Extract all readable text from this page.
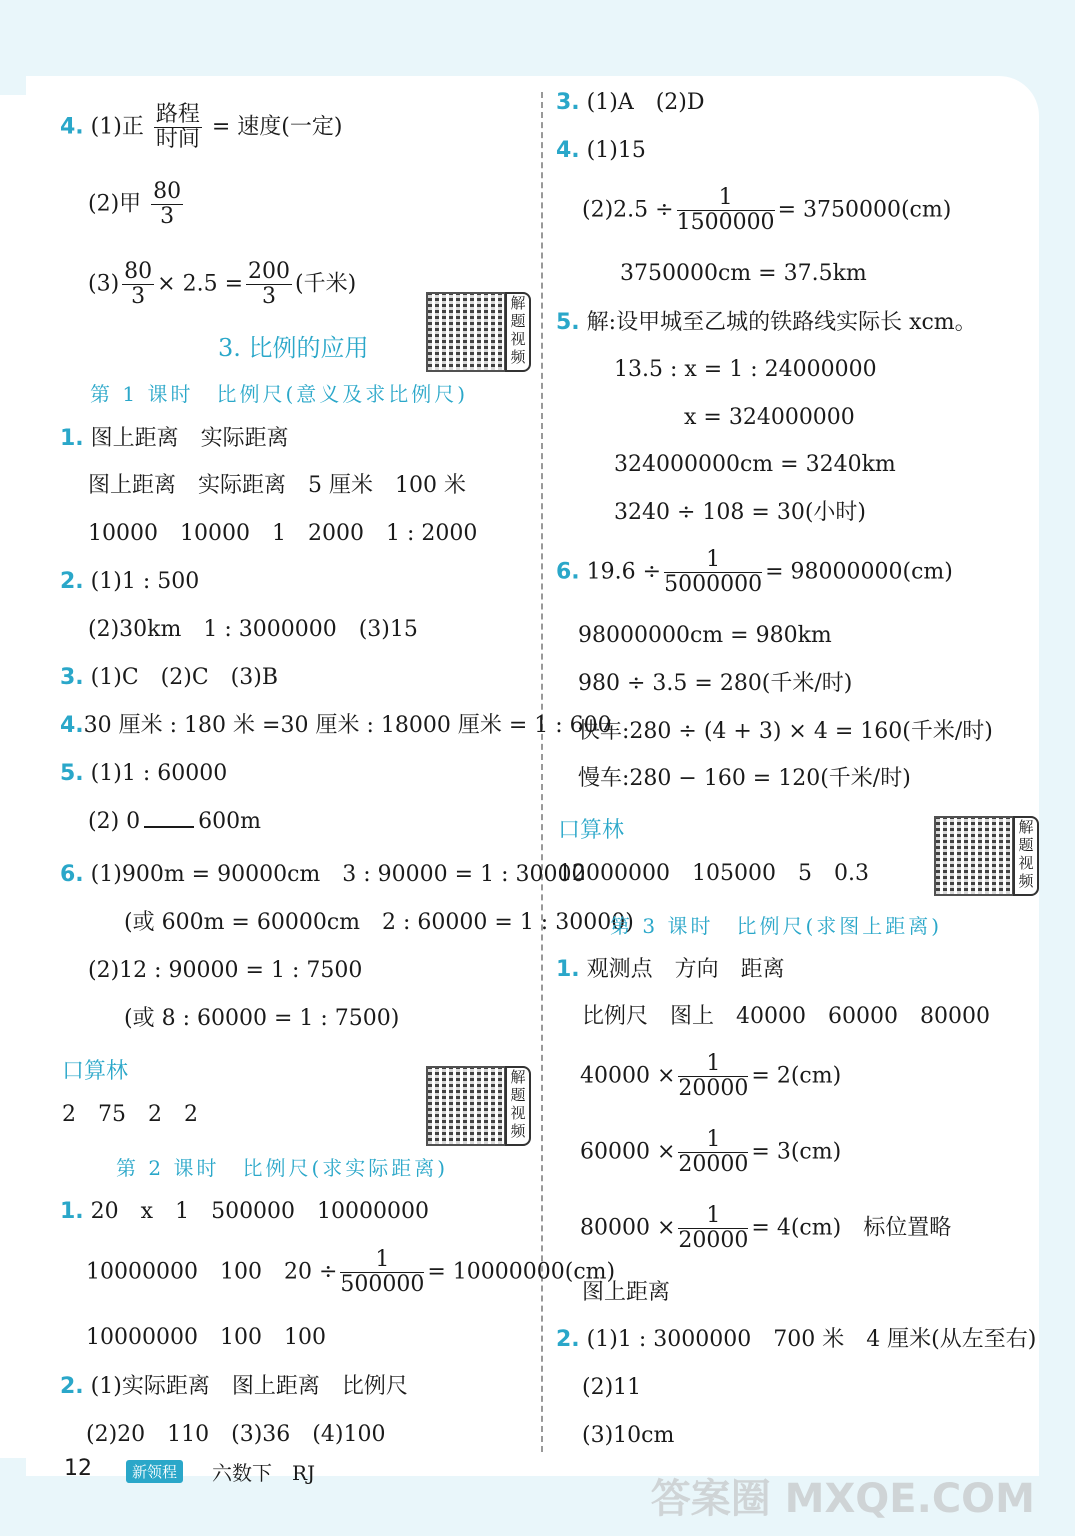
4. (1)正 $\frac{\text{路程}}{\text{时间}}$ = 速度(一定)
(2)甲 $\frac{80}{3}$
$(3) \frac{80}{3} \times 2.5 = \frac{200}{3}$ (千米)
解题视频
3. 比例的应用
第 1 课时　比例尺(意义及求比例尺)
1. 图上距离　实际距离
图上距离　实际距离　5 厘米　100 米
10000　10000　1　2000　1 : 2000
2. (1)1 : 500
(2)30km　1 : 3000000　(3)15
3. (1)C　(2)C　(3)B
4.30 厘米 : 180 米 =30 厘米 : 18000 厘米 = 1 : 600
5. (1)1 : 60000
(2) 0	600m
6. (1)900m = 90000cm　3 : 90000 = 1 : 30000
(或 600m = 60000cm　2 : 60000 = 1 : 30000)
(2)12 : 90000 = 1 : 7500
(或 8 : 60000 = 1 : 7500)
口算林	解题视频
2　75　2　2
第 2 课时　比例尺(求实际距离)
1. 20　x　1　500000　10000000
10000000　100　$20 \div \frac{1}{500000} = 10000000(cm)$
10000000　100　100
2. (1)实际距离　图上距离　比例尺
(2)20　110　(3)36　(4)100
3. (1)A　(2)D
4. (1)15
$(2)2.5 \div \frac{1}{1500000} = 3750000(cm)$
3750000cm = 37.5km
5. 解:设甲城至乙城的铁路线实际长 xcm。
13.5 : x = 1 : 24000000
x = 324000000
324000000cm = 3240km
3240 ÷ 108 = 30(小时)
6. $19.6 \div \frac{1}{5000000} = 98000000(cm)$
98000000cm = 980km
980 ÷ 3.5 = 280(千米/时)
快车:280 ÷ (4 + 3) × 4 = 160(千米/时)
慢车:280 − 160 = 120(千米/时)
口算林	解题视频
12000000　105000　5　0.3
第 3 课时　比例尺(求图上距离)
1. 观测点　方向　距离
比例尺　图上　40000　60000　80000
$40000 \times \frac{1}{20000} = 2(cm)$
$60000 \times \frac{1}{20000} = 3(cm)$
$80000 \times \frac{1}{20000} = 4(cm)$　标位置略
图上距离
2. (1)1 : 3000000　700 米　4 厘米(从左至右)
(2)11
(3)10cm
12	新领程	六数下　RJ
答案圈 MXQE.COM
